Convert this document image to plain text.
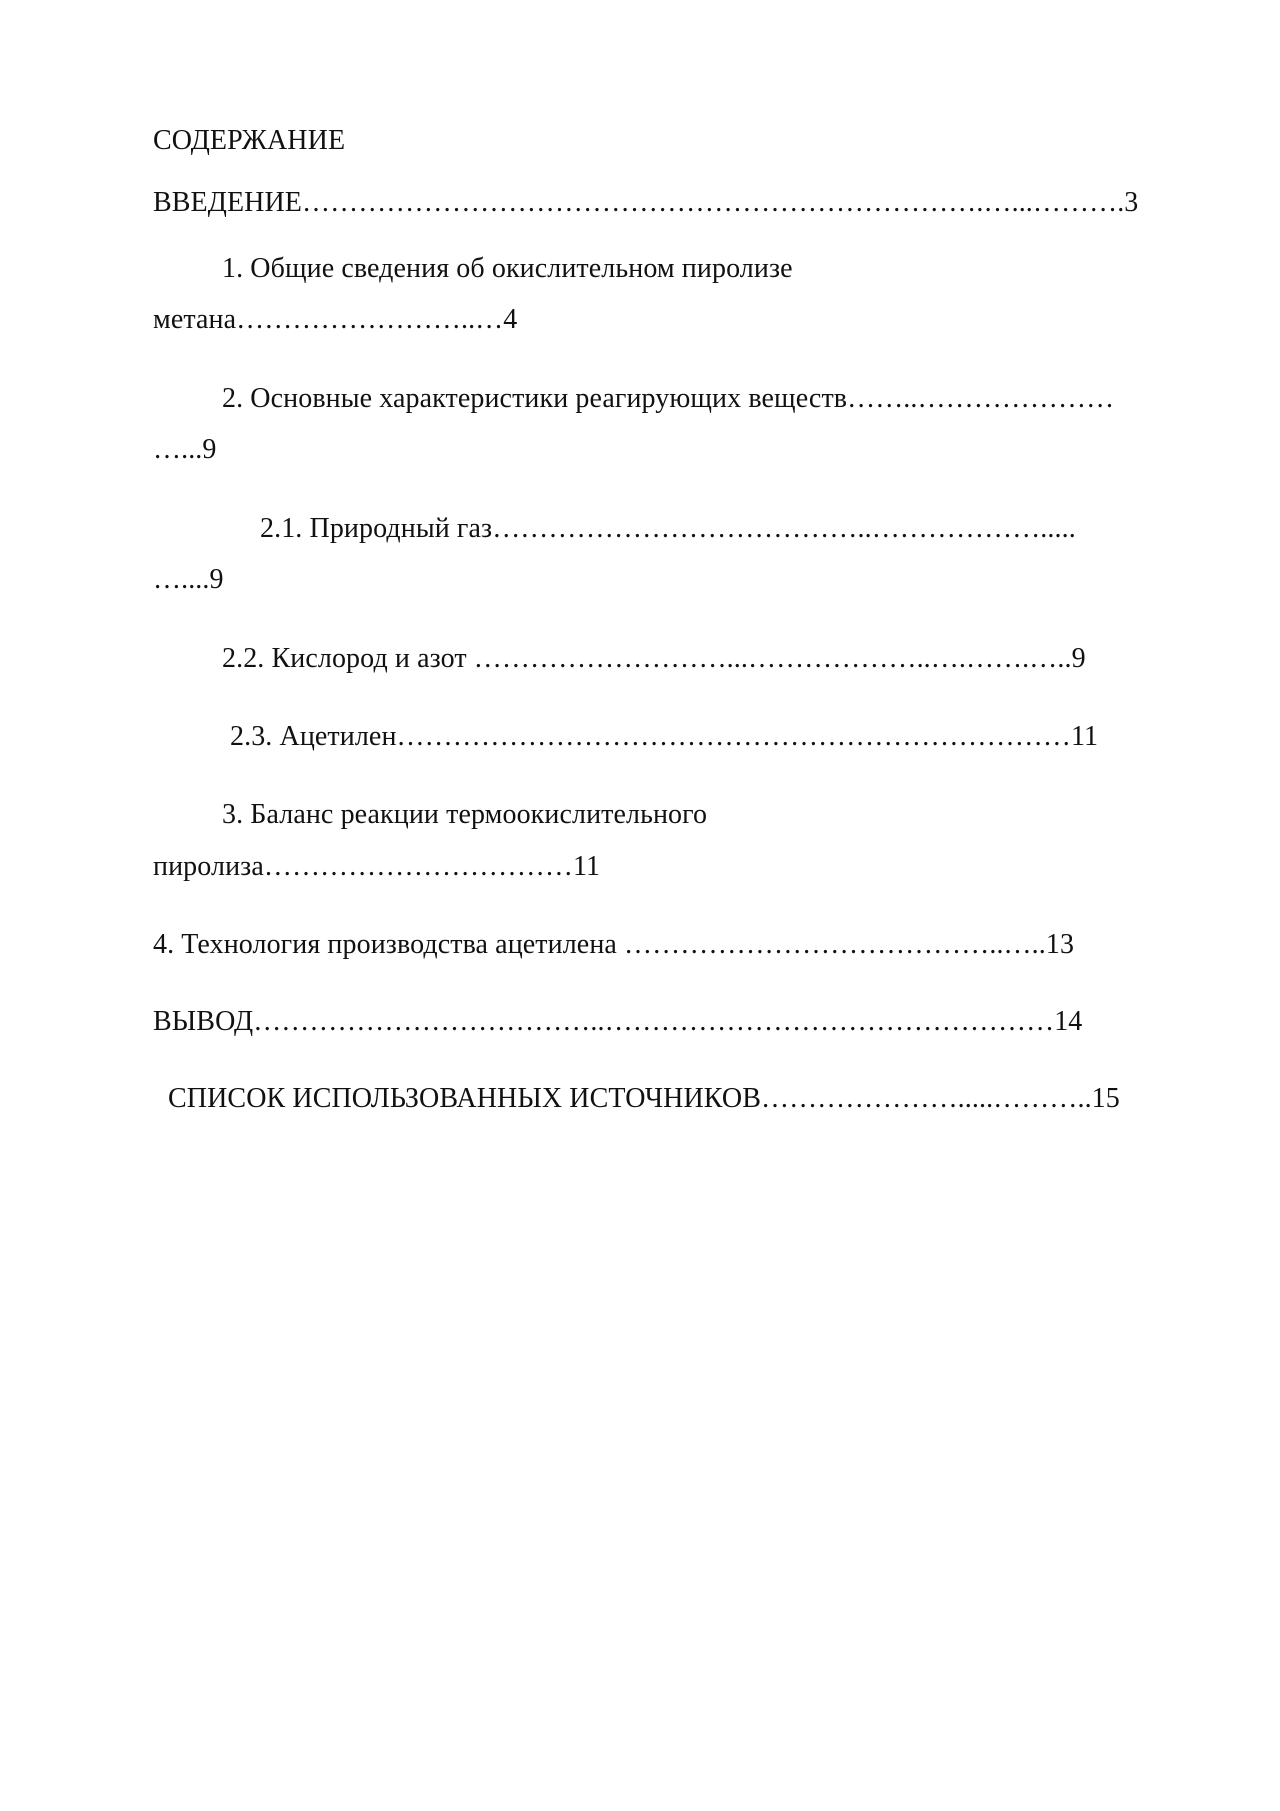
СОДЕРЖАНИЕ
ВВЕДЕНИЕ……………………………………………………………….…...……….3
1. Общие сведения об окислительном пиролизе
метана……………………..…4
2. Основные характеристики реагирующих веществ……..…………………
…...9
2.1. Природный газ…………………………………..……………….....
…....9
2.2. Кислород и азот ………………………...………………..….…….…..9
2.3. Ацетилен………………………………………………………………11
3. Баланс реакции термоокислительного
пиролиза……………………………11
4. Технология производства ацетилена …………………………………..…..13
ВЫВОД………………………………..…………………………………………14
СПИСОК ИСПОЛЬЗОВАННЫХ ИСТОЧНИКОВ………………….....………..15
